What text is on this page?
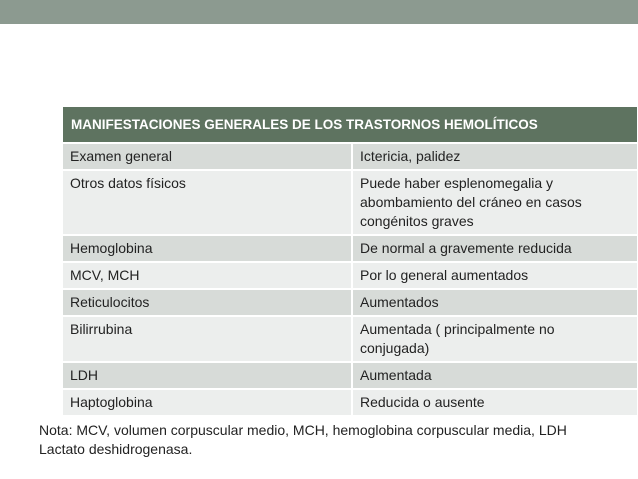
MANIFESTACIONES GENERALES DE LOS TRASTORNOS HEMOLÍTICOS	
Examen general	Ictericia, palidez
Otros datos físicos	Puede haber esplenomegalia y
abombamiento del cráneo en casos
congénitos graves

Hemoglobina	De normal a gravemente reducida
MCV, MCH	Por lo general aumentados
Reticulocitos	Aumentados
Bilirrubina	Aumentada ( principalmente no
conjugada)

LDH	Aumentada
Haptoglobina	Reducida o ausente
Nota: MCV, volumen corpuscular medio, MCH, hemoglobina corpuscular media, LDH
Lactato deshidrogenasa.
